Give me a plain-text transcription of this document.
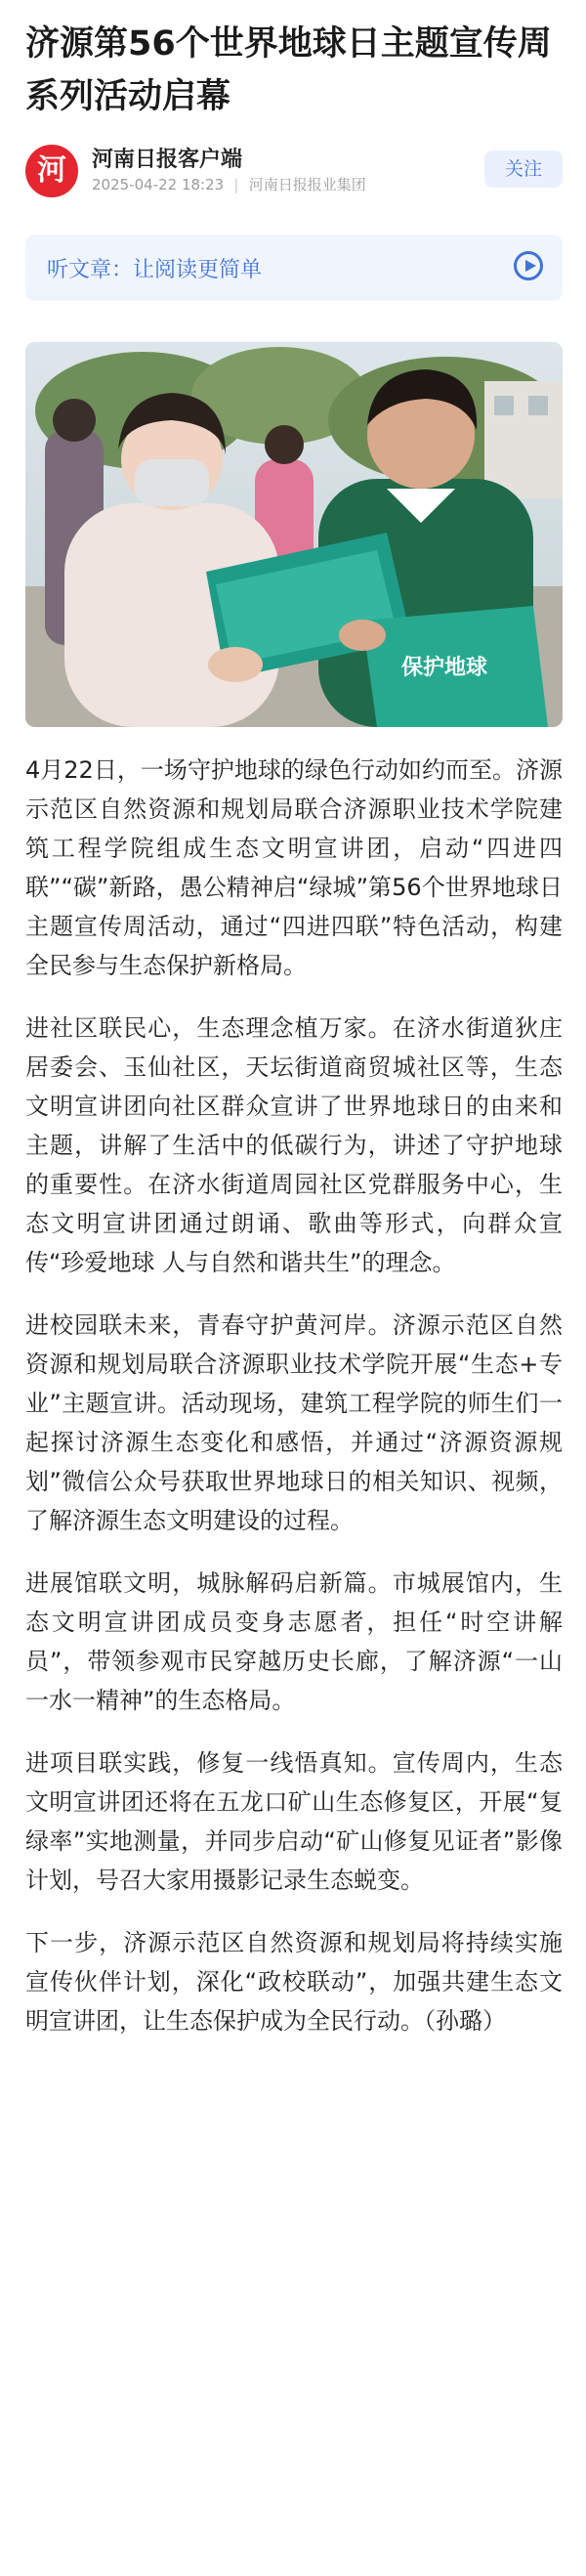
济源第56个世界地球日主题宣传周系列活动启幕
河	河南日报客户端
2025-04-22 18:23 | 河南日报报业集团
关注
听文章：让阅读更简单
保护地球

4月22日，一场守护地球的绿色行动如约而至。济源示范区自然资源和规划局联合济源职业技术学院建筑工程学院组成生态文明宣讲团，启动“四进四联”“碳”新路，愚公精神启“绿城”第56个世界地球日主题宣传周活动，通过“四进四联”特色活动，构建全民参与生态保护新格局。

进社区联民心，生态理念植万家。在济水街道狄庄居委会、玉仙社区，天坛街道商贸城社区等，生态文明宣讲团向社区群众宣讲了世界地球日的由来和主题，讲解了生活中的低碳行为，讲述了守护地球的重要性。在济水街道周园社区党群服务中心，生态文明宣讲团通过朗诵、歌曲等形式，向群众宣传“珍爱地球 人与自然和谐共生”的理念。

进校园联未来，青春守护黄河岸。济源示范区自然资源和规划局联合济源职业技术学院开展“生态+专业”主题宣讲。活动现场，建筑工程学院的师生们一起探讨济源生态变化和感悟，并通过“济源资源规划”微信公众号获取世界地球日的相关知识、视频，了解济源生态文明建设的过程。

进展馆联文明，城脉解码启新篇。市城展馆内，生态文明宣讲团成员变身志愿者，担任“时空讲解员”，带领参观市民穿越历史长廊，了解济源“一山一水一精神”的生态格局。

进项目联实践，修复一线悟真知。宣传周内，生态文明宣讲团还将在五龙口矿山生态修复区，开展“复绿率”实地测量，并同步启动“矿山修复见证者”影像计划，号召大家用摄影记录生态蜕变。

下一步，济源示范区自然资源和规划局将持续实施宣传伙伴计划，深化“政校联动”，加强共建生态文明宣讲团，让生态保护成为全民行动。（孙璐）
